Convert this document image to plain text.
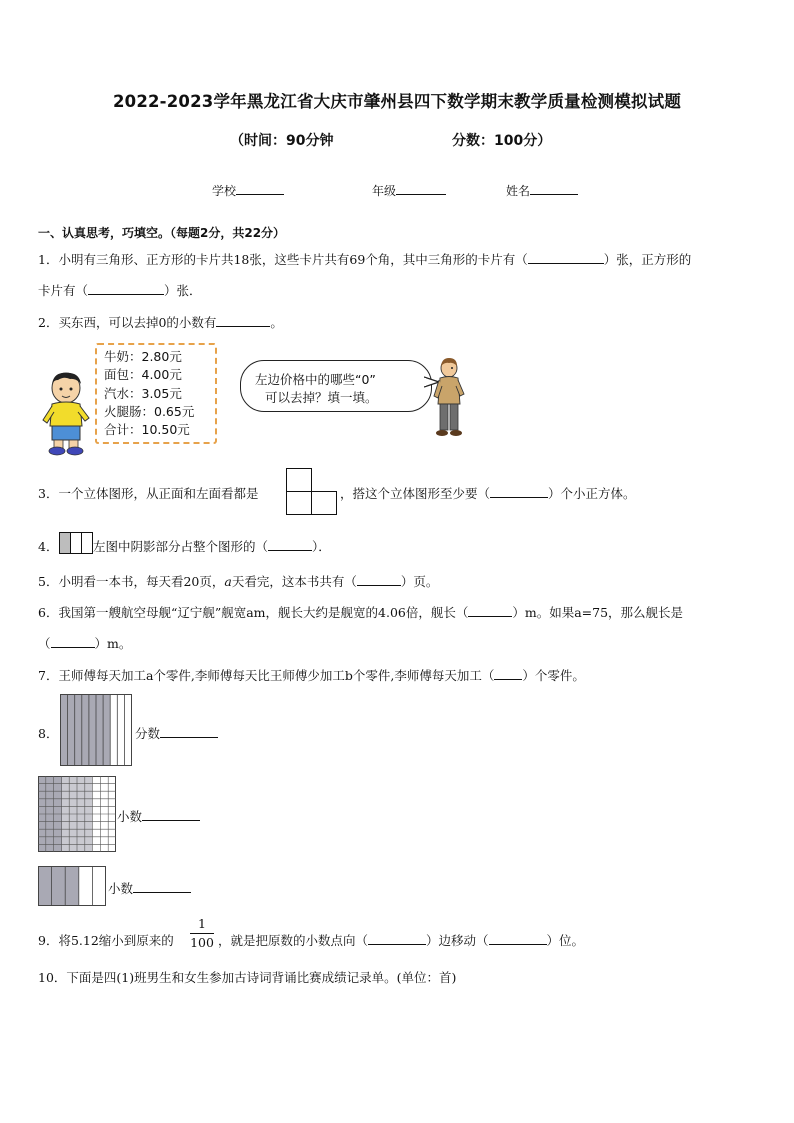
2022-2023学年黑龙江省大庆市肇州县四下数学期末教学质量检测模拟试题
（时间：90分钟	分数：100分）
学校	年级	姓名
一、认真思考，巧填空。（每题2分，共22分）
1．小明有三角形、正方形的卡片共18张，这些卡片共有69个角，其中三角形的卡片有（	）张，正方形的
卡片有（	）张．
2．买东西，可以去掉0的小数有	。
牛奶：2.80元
面包：4.00元
汽水：3.05元
火腿肠：0.65元
合计：10.50元
左边价格中的哪些“0”
可以去掉？填一填。
3．一个立体图形，从正面和左面看都是	，搭这个立体图形至少要（	）个小正方体。
4．	左图中阴影部分占整个图形的（	）．
5．小明看一本书，每天看20页，a天看完，这本书共有（	）页。
6．我国第一艘航空母舰“辽宁舰”舰宽am，舰长大约是舰宽的4.06倍，舰长（	）m。如果a=75，那么舰长是
（	）m。
7．王师傅每天加工a个零件,李师傅每天比王师傅少加工b个零件,李师傅每天加工（ ）个零件。
8．	分数
小数
小数
9．将5.12缩小到原来的
1
100 ，就是把原数的小数点向（	）边移动（	）位。
10．下面是四(1)班男生和女生参加古诗词背诵比赛成绩记录单。(单位：首)
